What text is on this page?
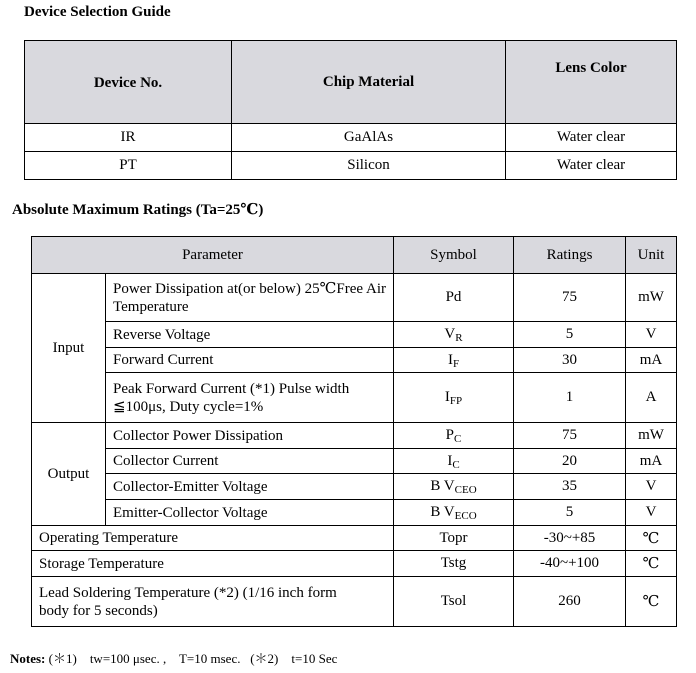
Device Selection Guide
Device No.	Chip Material	Lens Color
IR	GaAlAs	Water clear
PT	Silicon	Water clear
Absolute Maximum Ratings (Ta=25℃)
Parameter		Symbol	Ratings	Unit
Input	Power Dissipation at(or below) 25℃Free Air Temperature	Pd	75	mW
	Reverse Voltage	$V_R$	5	V
	Forward Current	$I_F$	30	mA
	Peak Forward Current (*1) Pulse width ≦100μs, Duty cycle=1%	$I_{FP}$	1	A
Output	Collector Power Dissipation	$P_C$	75	mW
	Collector Current	$I_C$	20	mA
	Collector-Emitter Voltage	B $V_{CEO}$	35	V
	Emitter-Collector Voltage	B $V_{ECO}$	5	V
Operating Temperature		Topr	-30~+85	℃
Storage Temperature		Tstg	-40~+100	℃
Lead Soldering Temperature (*2) (1/16 inch form body for 5 seconds)		Tsol	260	℃
Notes: (＊1) tw=100 μsec. , T=10 msec. (＊2) t=10 Sec
